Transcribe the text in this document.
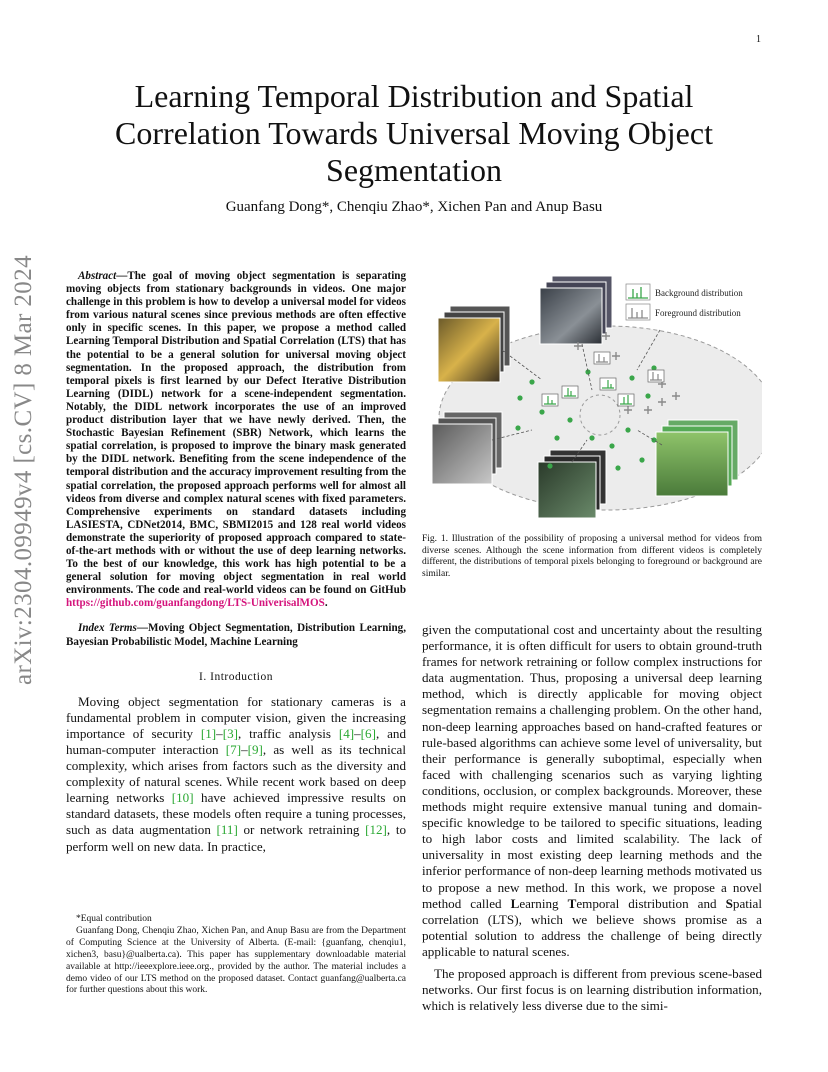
1
Learning Temporal Distribution and Spatial Correlation Towards Universal Moving Object Segmentation
Guanfang Dong*, Chenqiu Zhao*, Xichen Pan and Anup Basu
arXiv:2304.09949v4 [cs.CV] 8 Mar 2024	Abstract—The goal of moving object segmentation is separating moving objects from stationary backgrounds in videos. One major challenge in this problem is how to develop a universal model for videos from various natural scenes since previous methods are often effective only in specific scenes. In this paper, we propose a method called Learning Temporal Distribution and Spatial Correlation (LTS) that has the potential to be a general solution for universal moving object segmentation. In the proposed approach, the distribution from temporal pixels is first learned by our Defect Iterative Distribution Learning (DIDL) network for a scene-independent segmentation. Notably, the DIDL network incorporates the use of an improved product distribution layer that we have newly derived. Then, the Stochastic Bayesian Refinement (SBR) Network, which learns the spatial correlation, is proposed to improve the binary mask generated by the DIDL network. Benefiting from the scene independence of the temporal distribution and the accuracy improvement resulting from the spatial correlation, the proposed approach performs well for almost all videos from diverse and complex natural scenes with fixed parameters. Comprehensive experiments on standard datasets including LASIESTA, CDNet2014, BMC, SBMI2015 and 128 real world videos demonstrate the superiority of proposed approach compared to state-of-the-art methods with or without the use of deep learning networks. To the best of our knowledge, this work has high potential to be a general solution for moving object segmentation in real world environments. The code and real-world videos can be found on GitHub https://github.com/guanfangdong/LTS-UniverisalMOS.

Index Terms—Moving Object Segmentation, Distribution Learning, Bayesian Probabilistic Model, Machine Learning

I. Introduction

Moving object segmentation for stationary cameras is a fundamental problem in computer vision, given the increasing importance of security [1]–[3], traffic analysis [4]–[6], and human-computer interaction [7]–[9], as well as its technical complexity, which arises from factors such as the diversity and complexity of natural scenes. While recent work based on deep learning networks [10] have achieved impressive results on standard datasets, these models often require a tuning processes, such as data augmentation [11] or network retraining [12], to perform well on new data. In practice,

*Equal contribution

Guanfang Dong, Chenqiu Zhao, Xichen Pan, and Anup Basu are from the Department of Computing Science at the University of Alberta. (E-mail: {guanfang, chenqiu1, xichen3, basu}@ualberta.ca). This paper has supplementary downloadable material available at http://ieeexplore.ieee.org., provided by the author. The material includes a demo video of our LTS method on the proposed dataset. Contact guanfang@ualberta.ca for further questions about this work.

Background distribution
Foreground distribution
Fig. 1. Illustration of the possibility of proposing a universal method for videos from diverse scenes. Although the scene information from different videos is completely different, the distributions of temporal pixels belonging to foreground or background are similar.

given the computational cost and uncertainty about the resulting performance, it is often difficult for users to obtain ground-truth frames for network retraining or follow complex instructions for data augmentation. Thus, proposing a universal deep learning method, which is directly applicable for moving object segmentation remains a challenging problem. On the other hand, non-deep learning approaches based on hand-crafted features or rule-based algorithms can achieve some level of universality, but their performance is generally suboptimal, especially when faced with challenging scenarios such as varying lighting conditions, occlusion, or complex backgrounds. Moreover, these methods might require extensive manual tuning and domain-specific knowledge to be tailored to specific situations, leading to high labor costs and limited scalability. The lack of universality in most existing deep learning methods and the inferior performance of non-deep learning methods motivated us to propose a new method. In this work, we propose a novel method called Learning Temporal distribution and Spatial correlation (LTS), which we believe shows promise as a potential solution to address the challenge of being directly applicable to natural scenes.

The proposed approach is different from previous scene-based networks. Our first focus is on learning distribution information, which is relatively less diverse due to the simi-
